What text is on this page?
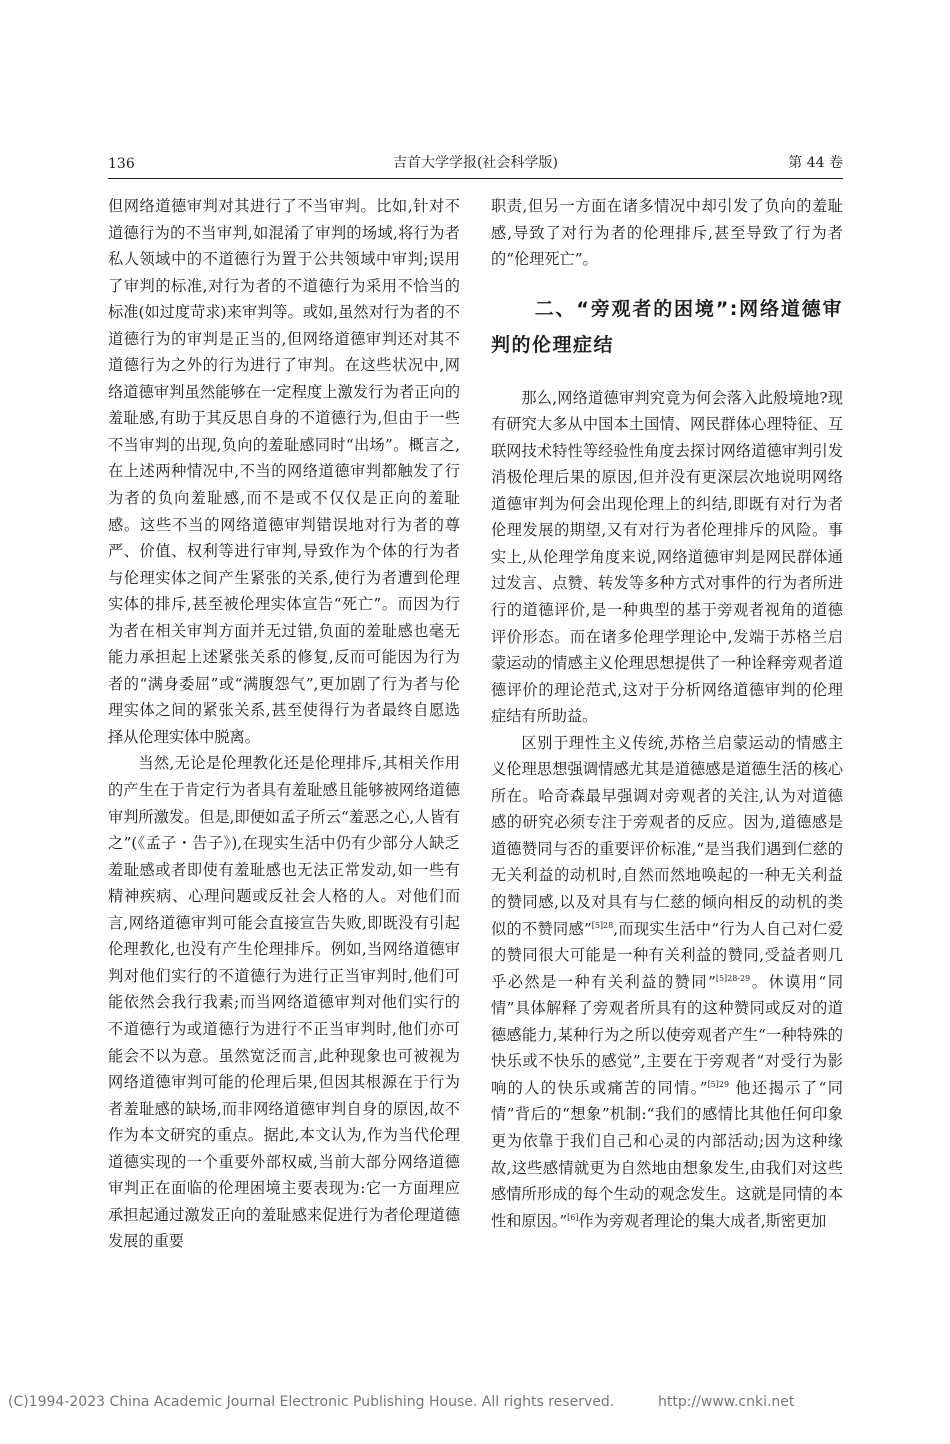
136	吉首大学学报(社会科学版)	第 44 卷

但网络道德审判对其进行了不当审判。比如,针对不道德行为的不当审判,如混淆了审判的场域,将行为者私人领域中的不道德行为置于公共领域中审判;误用了审判的标准,对行为者的不道德行为采用不恰当的标准(如过度苛求)来审判等。或如,虽然对行为者的不道德行为的审判是正当的,但网络道德审判还对其不道德行为之外的行为进行了审判。在这些状况中,网络道德审判虽然能够在一定程度上激发行为者正向的羞耻感,有助于其反思自身的不道德行为,但由于一些不当审判的出现,负向的羞耻感同时“出场”。概言之,在上述两种情况中,不当的网络道德审判都触发了行为者的负向羞耻感,而不是或不仅仅是正向的羞耻感。这些不当的网络道德审判错误地对行为者的尊严、价值、权利等进行审判,导致作为个体的行为者与伦理实体之间产生紧张的关系,使行为者遭到伦理实体的排斥,甚至被伦理实体宣告“死亡”。而因为行为者在相关审判方面并无过错,负面的羞耻感也毫无能力承担起上述紧张关系的修复,反而可能因为行为者的“满身委屈”或“满腹怨气”,更加剧了行为者与伦理实体之间的紧张关系,甚至使得行为者最终自愿选择从伦理实体中脱离。

当然,无论是伦理教化还是伦理排斥,其相关作用的产生在于肯定行为者具有羞耻感且能够被网络道德审判所激发。但是,即便如孟子所云“羞恶之心,人皆有之”(《孟子・告子》),在现实生活中仍有少部分人缺乏羞耻感或者即使有羞耻感也无法正常发动,如一些有精神疾病、心理问题或反社会人格的人。对他们而言,网络道德审判可能会直接宣告失败,即既没有引起伦理教化,也没有产生伦理排斥。例如,当网络道德审判对他们实行的不道德行为进行正当审判时,他们可能依然会我行我素;而当网络道德审判对他们实行的不道德行为或道德行为进行不正当审判时,他们亦可能会不以为意。虽然宽泛而言,此种现象也可被视为网络道德审判可能的伦理后果,但因其根源在于行为者羞耻感的缺场,而非网络道德审判自身的原因,故不作为本文研究的重点。据此,本文认为,作为当代伦理道德实现的一个重要外部权威,当前大部分网络道德审判正在面临的伦理困境主要表现为:它一方面理应承担起通过激发正向的羞耻感来促进行为者伦理道德发展的重要

职责,但另一方面在诸多情况中却引发了负向的羞耻感,导致了对行为者的伦理排斥,甚至导致了行为者的“伦理死亡”。

二、“旁观者的困境”:网络道德审判的伦理症结

那么,网络道德审判究竟为何会落入此般境地?现有研究大多从中国本土国情、网民群体心理特征、互联网技术特性等经验性角度去探讨网络道德审判引发消极伦理后果的原因,但并没有更深层次地说明网络道德审判为何会出现伦理上的纠结,即既有对行为者伦理发展的期望,又有对行为者伦理排斥的风险。事实上,从伦理学角度来说,网络道德审判是网民群体通过发言、点赞、转发等多种方式对事件的行为者所进行的道德评价,是一种典型的基于旁观者视角的道德评价形态。而在诸多伦理学理论中,发端于苏格兰启蒙运动的情感主义伦理思想提供了一种诠释旁观者道德评价的理论范式,这对于分析网络道德审判的伦理症结有所助益。

区别于理性主义传统,苏格兰启蒙运动的情感主义伦理思想强调情感尤其是道德感是道德生活的核心所在。哈奇森最早强调对旁观者的关注,认为对道德感的研究必须专注于旁观者的反应。因为,道德感是道德赞同与否的重要评价标准,“是当我们遇到仁慈的无关利益的动机时,自然而然地唤起的一种无关利益的赞同感,以及对具有与仁慈的倾向相反的动机的类似的不赞同感”$^{[5]28}$,而现实生活中“行为人自己对仁爱的赞同很大可能是一种有关利益的赞同,受益者则几乎必然是一种有关利益的赞同”$^{[5]28-29}$。休谟用“同情”具体解释了旁观者所具有的这种赞同或反对的道德感能力,某种行为之所以使旁观者产生“一种特殊的快乐或不快乐的感觉”,主要在于旁观者“对受行为影响的人的快乐或痛苦的同情。”$^{[5]29}$ 他还揭示了“同情”背后的“想象”机制:“我们的感情比其他任何印象更为依靠于我们自己和心灵的内部活动;因为这种缘故,这些感情就更为自然地由想象发生,由我们对这些感情所形成的每个生动的观念发生。这就是同情的本性和原因。”[6]作为旁观者理论的集大成者,斯密更加

(C)1994-2023 China Academic Journal Electronic Publishing House. All rights reserved.	http://www.cnki.net
